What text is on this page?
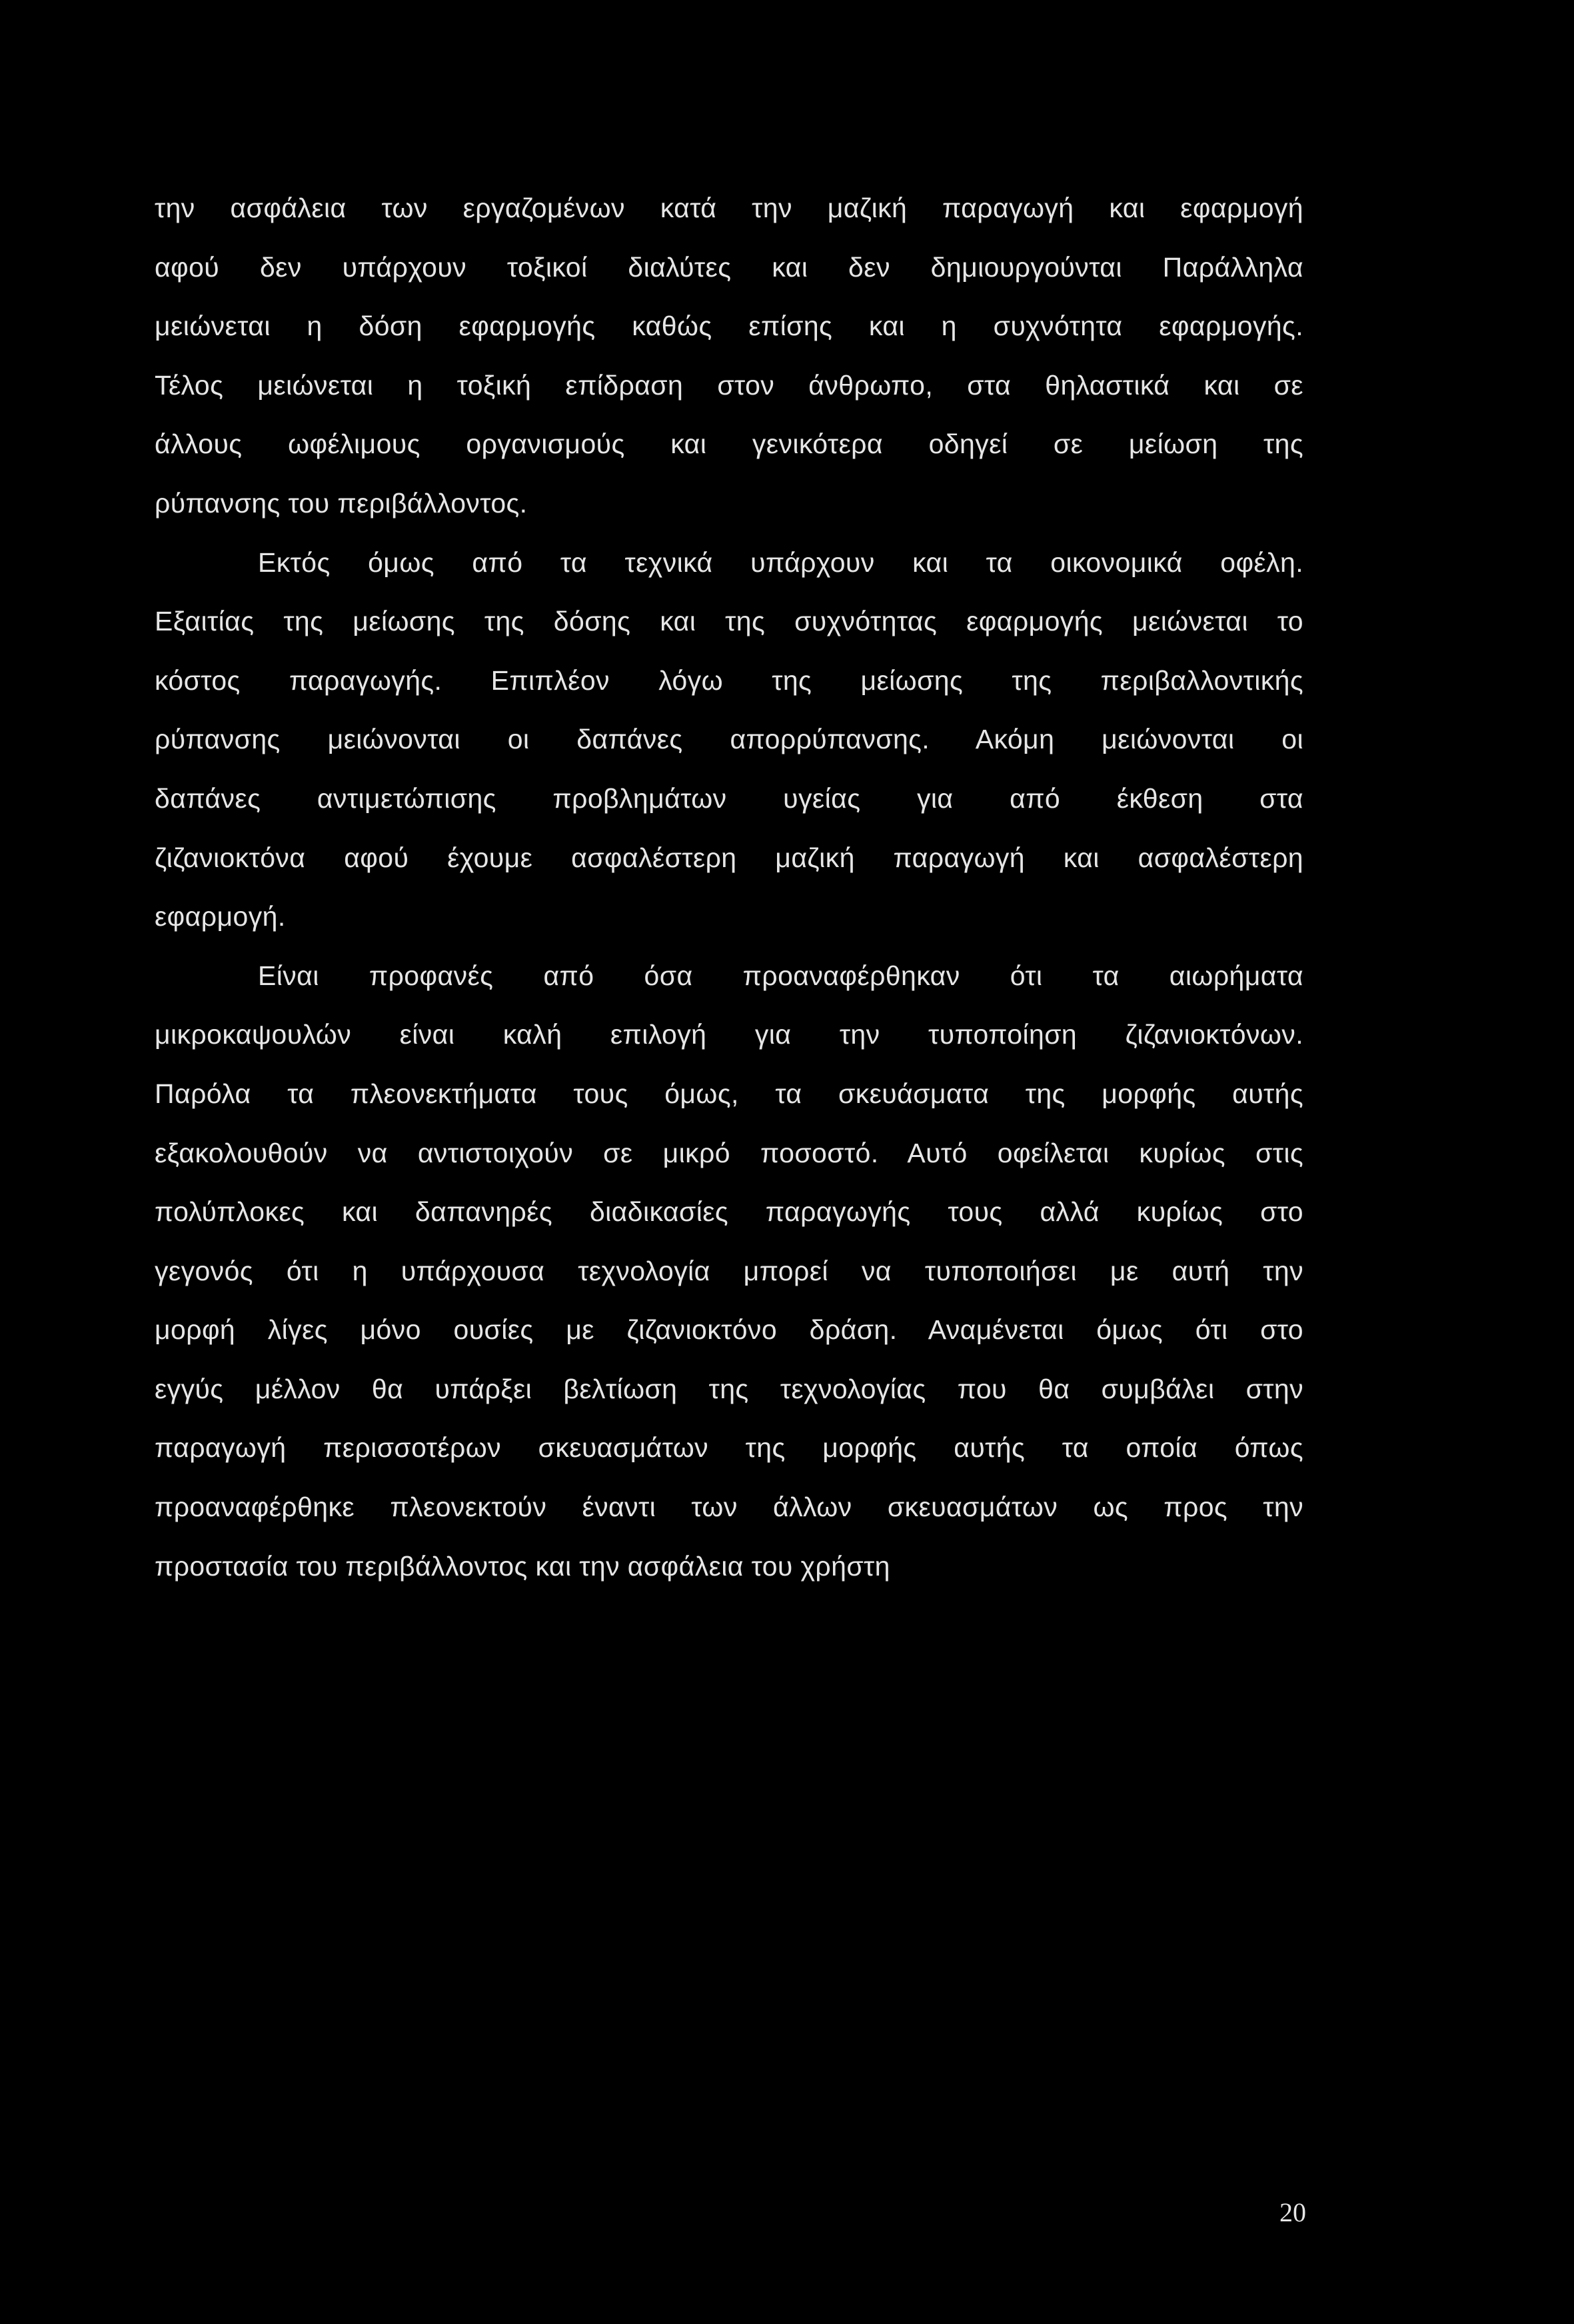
την ασφάλεια των εργαζομένων κατά την μαζική παραγωγή και εφαρμογή
αφού δεν υπάρχουν τοξικοί διαλύτες και δεν δημιουργούνται Παράλληλα
μειώνεται η δόση εφαρμογής καθώς επίσης και η συχνότητα εφαρμογής.
Τέλος μειώνεται η τοξική επίδραση στον άνθρωπο, στα θηλαστικά και σε
άλλους ωφέλιμους οργανισμούς και γενικότερα οδηγεί σε μείωση της
ρύπανσης του περιβάλλοντος.
Εκτός όμως από τα τεχνικά υπάρχουν και τα οικονομικά οφέλη.
Εξαιτίας της μείωσης της δόσης και της συχνότητας εφαρμογής μειώνεται το
κόστος παραγωγής. Επιπλέον λόγω της μείωσης της περιβαλλοντικής
ρύπανσης μειώνονται οι δαπάνες απορρύπανσης. Ακόμη μειώνονται οι
δαπάνες αντιμετώπισης προβλημάτων υγείας για από έκθεση στα
ζιζανιοκτόνα αφού έχουμε ασφαλέστερη μαζική παραγωγή και ασφαλέστερη
εφαρμογή.
Είναι προφανές από όσα προαναφέρθηκαν ότι τα αιωρήματα
μικροκαψουλών είναι καλή επιλογή για την τυποποίηση ζιζανιοκτόνων.
Παρόλα τα πλεονεκτήματα τους όμως, τα σκευάσματα της μορφής αυτής
εξακολουθούν να αντιστοιχούν σε μικρό ποσοστό. Αυτό οφείλεται κυρίως στις
πολύπλοκες και δαπανηρές διαδικασίες παραγωγής τους αλλά κυρίως στο
γεγονός ότι η υπάρχουσα τεχνολογία μπορεί να τυποποιήσει με αυτή την
μορφή λίγες μόνο ουσίες με ζιζανιοκτόνο δράση. Αναμένεται όμως ότι στο
εγγύς μέλλον θα υπάρξει βελτίωση της τεχνολογίας που θα συμβάλει στην
παραγωγή περισσοτέρων σκευασμάτων της μορφής αυτής τα οποία όπως
προαναφέρθηκε πλεονεκτούν έναντι των άλλων σκευασμάτων ως προς την
προστασία του περιβάλλοντος και την ασφάλεια του χρήστη
20
